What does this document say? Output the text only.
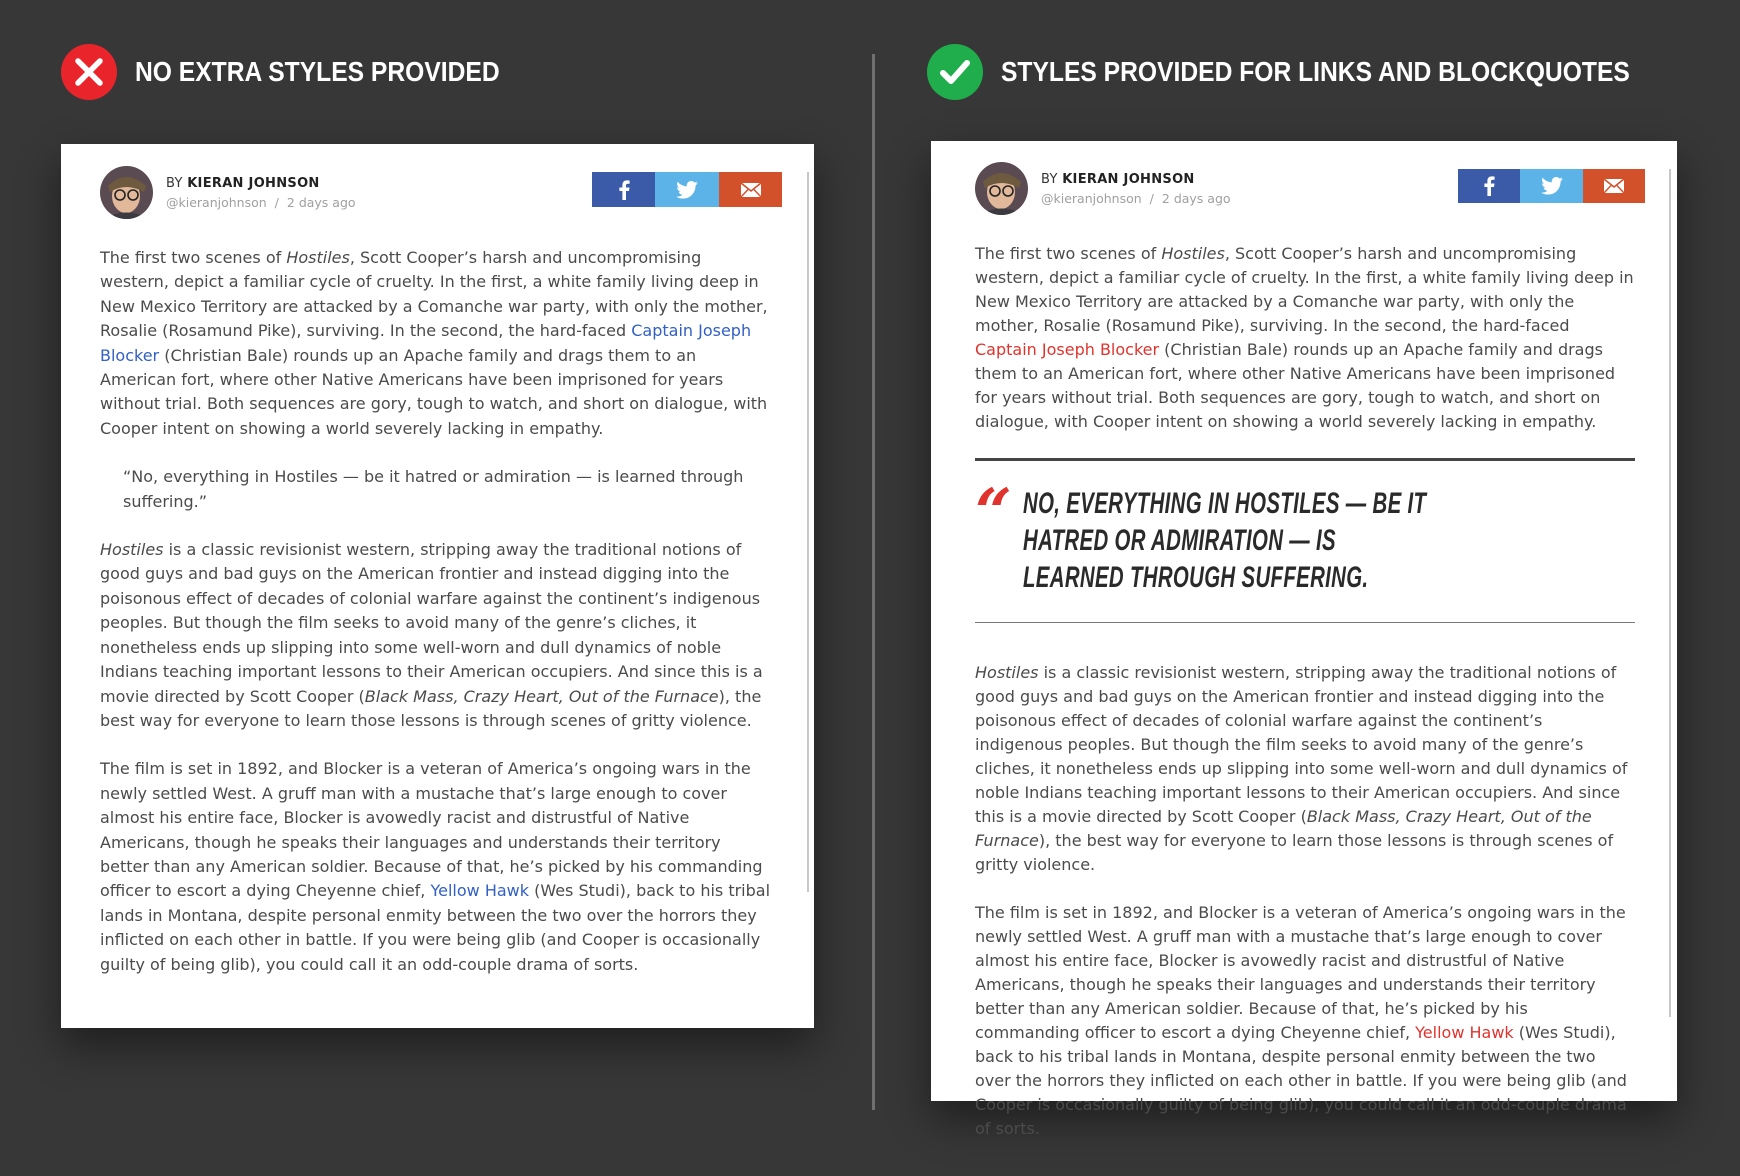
NO EXTRA STYLES PROVIDED	STYLES PROVIDED FOR LINKS AND BLOCKQUOTES
BY KIERAN JOHNSON
@kieranjohnson / 2 days ago

The first two scenes of Hostiles, Scott Cooper’s harsh and uncompromising western, depict a familiar cycle of cruelty. In the first, a white family living deep in New Mexico Territory are attacked by a Comanche war party, with only the mother, Rosalie (Rosamund Pike), surviving. In the second, the hard-faced Captain Joseph Blocker (Christian Bale) rounds up an Apache family and drags them to an American fort, where other Native Americans have been imprisoned for years without trial. Both sequences are gory, tough to watch, and short on dialogue, with Cooper intent on showing a world severely lacking in empathy.

“No, everything in Hostiles — be it hatred or admiration — is learned through suffering.”

Hostiles is a classic revisionist western, stripping away the traditional notions of good guys and bad guys on the American frontier and instead digging into the poisonous effect of decades of colonial warfare against the continent’s indigenous peoples. But though the film seeks to avoid many of the genre’s cliches, it nonetheless ends up slipping into some well-worn and dull dynamics of noble Indians teaching important lessons to their American occupiers. And since this is a movie directed by Scott Cooper (Black Mass, Crazy Heart, Out of the Furnace), the best way for everyone to learn those lessons is through scenes of gritty violence.

The film is set in 1892, and Blocker is a veteran of America’s ongoing wars in the newly settled West. A gruff man with a mustache that’s large enough to cover almost his entire face, Blocker is avowedly racist and distrustful of Native Americans, though he speaks their languages and understands their territory better than any American soldier. Because of that, he’s picked by his commanding officer to escort a dying Cheyenne chief, Yellow Hawk (Wes Studi), back to his tribal lands in Montana, despite personal enmity between the two over the horrors they inflicted on each other in battle. If you were being glib (and Cooper is occasionally guilty of being glib), you could call it an odd-couple drama of sorts.

BY KIERAN JOHNSON
@kieranjohnson / 2 days ago

The first two scenes of Hostiles, Scott Cooper’s harsh and uncompromising western, depict a familiar cycle of cruelty. In the first, a white family living deep in New Mexico Territory are attacked by a Comanche war party, with only the mother, Rosalie (Rosamund Pike), surviving. In the second, the hard-faced Captain Joseph Blocker (Christian Bale) rounds up an Apache family and drags them to an American fort, where other Native Americans have been imprisoned for years without trial. Both sequences are gory, tough to watch, and short on dialogue, with Cooper intent on showing a world severely lacking in empathy.

“ NO, EVERYTHING IN HOSTILES — BE IT HATRED OR ADMIRATION — IS LEARNED THROUGH SUFFERING.

Hostiles is a classic revisionist western, stripping away the traditional notions of good guys and bad guys on the American frontier and instead digging into the poisonous effect of decades of colonial warfare against the continent’s indigenous peoples. But though the film seeks to avoid many of the genre’s cliches, it nonetheless ends up slipping into some well-worn and dull dynamics of noble Indians teaching important lessons to their American occupiers. And since this is a movie directed by Scott Cooper (Black Mass, Crazy Heart, Out of the Furnace), the best way for everyone to learn those lessons is through scenes of gritty violence.

The film is set in 1892, and Blocker is a veteran of America’s ongoing wars in the newly settled West. A gruff man with a mustache that’s large enough to cover almost his entire face, Blocker is avowedly racist and distrustful of Native Americans, though he speaks their languages and understands their territory better than any American soldier. Because of that, he’s picked by his commanding officer to escort a dying Cheyenne chief, Yellow Hawk (Wes Studi), back to his tribal lands in Montana, despite personal enmity between the two over the horrors they inflicted on each other in battle. If you were being glib (and Cooper is occasionally guilty of being glib), you could call it an odd-couple drama of sorts.
